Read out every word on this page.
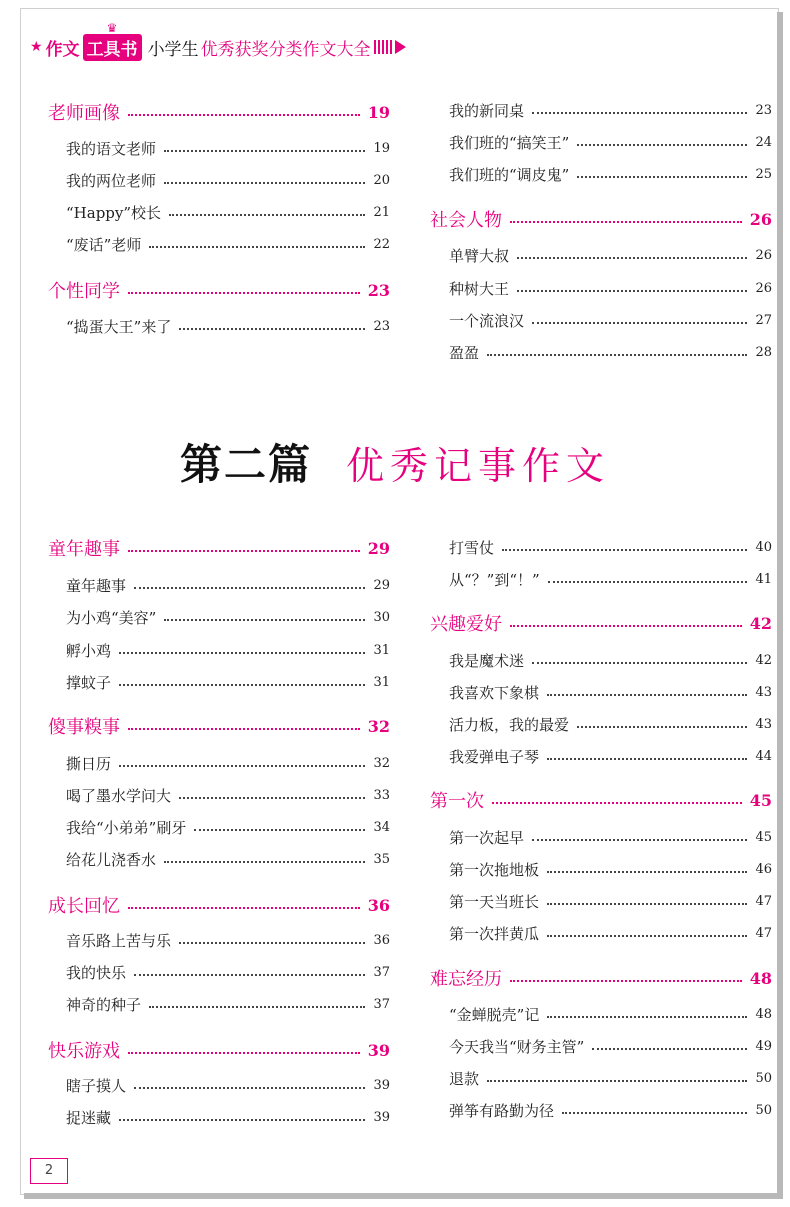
★ 作文
♛
工具书 小学生 优秀获奖分类作文大全
老师画像	19
我的语文老师	19
我的两位老师	20
“Happy”校长	21
“废话”老师	22
个性同学	23
“捣蛋大王”来了	23
我的新同桌	23
我们班的“搞笑王”	24
我们班的“调皮鬼”	25
社会人物	26
单臂大叔	26
种树大王	26
一个流浪汉	27
盈盈	28
童年趣事	29
童年趣事	29
为小鸡“美容”	30
孵小鸡	31
撑蚊子	31
傻事糗事	32
撕日历	32
喝了墨水学问大	33
我给“小弟弟”刷牙	34
给花儿浇香水	35
成长回忆	36
音乐路上苦与乐	36
我的快乐	37
神奇的种子	37
快乐游戏	39
瞎子摸人	39
捉迷藏	39
打雪仗	40
从“？”到“！”	41
兴趣爱好	42
我是魔术迷	42
我喜欢下象棋	43
活力板，我的最爱	43
我爱弹电子琴	44
第一次	45
第一次起早	45
第一次拖地板	46
第一天当班长	47
第一次拌黄瓜	47
难忘经历	48
“金蝉脱壳”记	48
今天我当“财务主管”	49
退款	50
弹筝有路勤为径	50
第二篇 优秀记事作文
2
